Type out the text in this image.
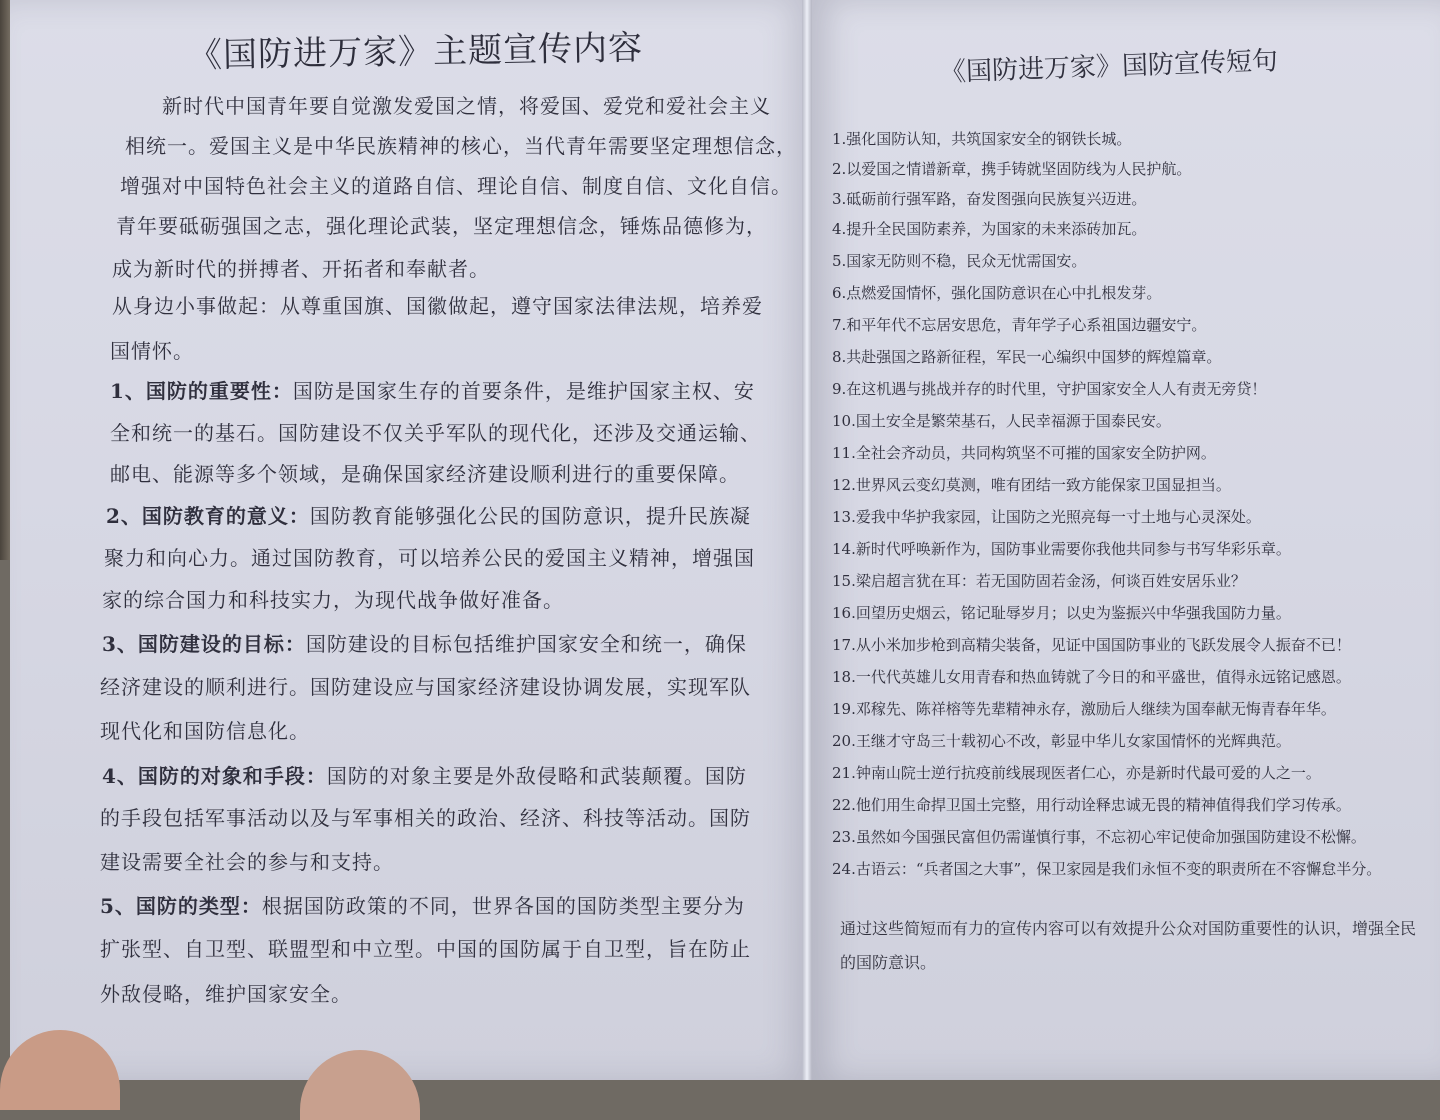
《国防进万家》主题宣传内容
新时代中国青年要自觉激发爱国之情，将爱国、爱党和爱社会主义
相统一。爱国主义是中华民族精神的核心，当代青年需要坚定理想信念，
增强对中国特色社会主义的道路自信、理论自信、制度自信、文化自信。
青年要砥砺强国之志，强化理论武装，坚定理想信念，锤炼品德修为，
成为新时代的拼搏者、开拓者和奉献者。
从身边小事做起：从尊重国旗、国徽做起，遵守国家法律法规，培养爱
国情怀。
1、国防的重要性：国防是国家生存的首要条件，是维护国家主权、安
全和统一的基石。国防建设不仅关乎军队的现代化，还涉及交通运输、
邮电、能源等多个领域，是确保国家经济建设顺利进行的重要保障。
2、国防教育的意义：国防教育能够强化公民的国防意识，提升民族凝
聚力和向心力。通过国防教育，可以培养公民的爱国主义精神，增强国
家的综合国力和科技实力，为现代战争做好准备。
3、国防建设的目标：国防建设的目标包括维护国家安全和统一，确保
经济建设的顺利进行。国防建设应与国家经济建设协调发展，实现军队
现代化和国防信息化。
4、国防的对象和手段：国防的对象主要是外敌侵略和武装颠覆。国防
的手段包括军事活动以及与军事相关的政治、经济、科技等活动。国防
建设需要全社会的参与和支持。
5、国防的类型：根据国防政策的不同，世界各国的国防类型主要分为
扩张型、自卫型、联盟型和中立型。中国的国防属于自卫型，旨在防止
外敌侵略，维护国家安全。
《国防进万家》国防宣传短句
1.强化国防认知，共筑国家安全的钢铁长城。
2.以爱国之情谱新章，携手铸就坚固防线为人民护航。
3.砥砺前行强军路，奋发图强向民族复兴迈进。
4.提升全民国防素养，为国家的未来添砖加瓦。
5.国家无防则不稳，民众无忧需国安。
6.点燃爱国情怀，强化国防意识在心中扎根发芽。
7.和平年代不忘居安思危，青年学子心系祖国边疆安宁。
8.共赴强国之路新征程，军民一心编织中国梦的辉煌篇章。
9.在这机遇与挑战并存的时代里，守护国家安全人人有责无旁贷！
10.国土安全是繁荣基石，人民幸福源于国泰民安。
11.全社会齐动员，共同构筑坚不可摧的国家安全防护网。
12.世界风云变幻莫测，唯有团结一致方能保家卫国显担当。
13.爱我中华护我家园，让国防之光照亮每一寸土地与心灵深处。
14.新时代呼唤新作为，国防事业需要你我他共同参与书写华彩乐章。
15.梁启超言犹在耳：若无国防固若金汤，何谈百姓安居乐业？
16.回望历史烟云，铭记耻辱岁月；以史为鉴振兴中华强我国防力量。
17.从小米加步枪到高精尖装备，见证中国国防事业的飞跃发展令人振奋不已！
18.一代代英雄儿女用青春和热血铸就了今日的和平盛世，值得永远铭记感恩。
19.邓稼先、陈祥榕等先辈精神永存，激励后人继续为国奉献无悔青春年华。
20.王继才守岛三十载初心不改，彰显中华儿女家国情怀的光辉典范。
21.钟南山院士逆行抗疫前线展现医者仁心，亦是新时代最可爱的人之一。
22.他们用生命捍卫国土完整，用行动诠释忠诚无畏的精神值得我们学习传承。
23.虽然如今国强民富但仍需谨慎行事，不忘初心牢记使命加强国防建设不松懈。
24.古语云：“兵者国之大事”，保卫家园是我们永恒不变的职责所在不容懈怠半分。
通过这些简短而有力的宣传内容可以有效提升公众对国防重要性的认识，增强全民
的国防意识。
